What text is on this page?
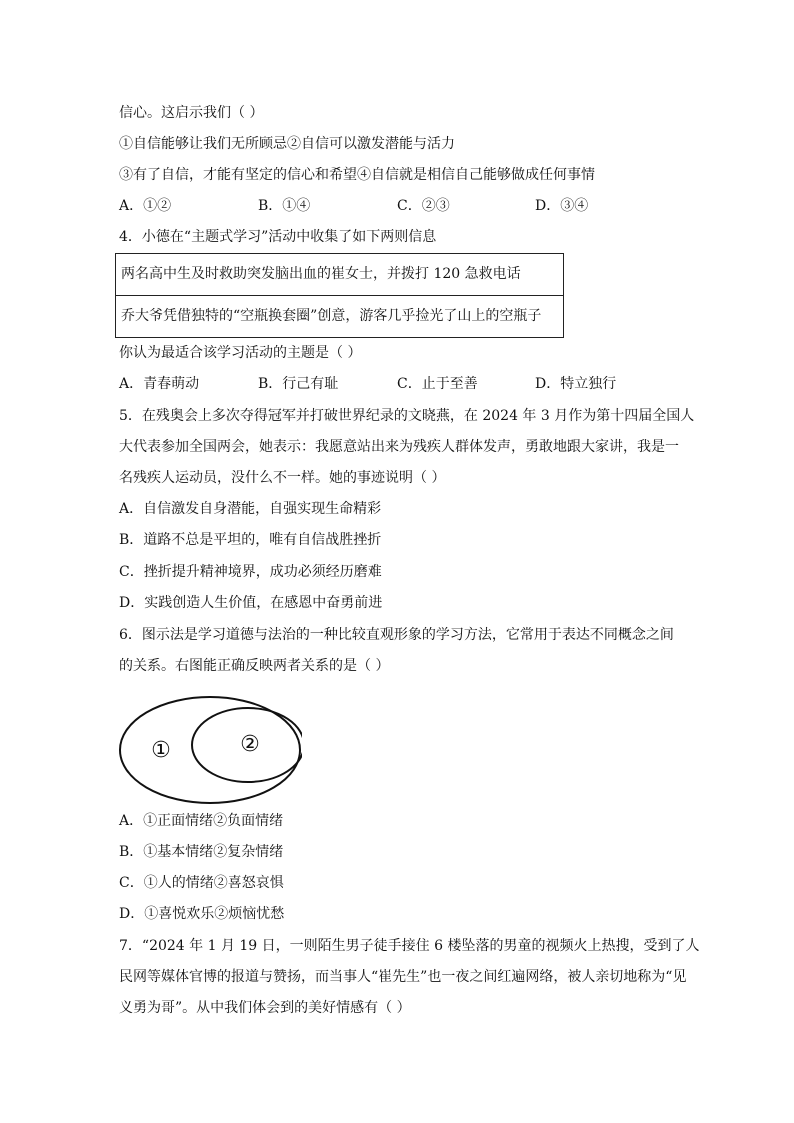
信心。这启示我们（ ）
①自信能够让我们无所顾忌②自信可以激发潜能与活力
③有了自信，才能有坚定的信心和希望④自信就是相信自己能够做成任何事情
A．①②	B．①④	C．②③	D．③④
4．小德在“主题式学习”活动中收集了如下两则信息
两名高中生及时救助突发脑出血的崔女士，并拨打 120 急救电话
乔大爷凭借独特的“空瓶换套圈”创意，游客几乎捡光了山上的空瓶子
你认为最适合该学习活动的主题是（ ）
A．青春萌动	B．行己有耻	C．止于至善	D．特立独行
5．在残奥会上多次夺得冠军并打破世界纪录的文晓燕，在 2024 年 3 月作为第十四届全国人
大代表参加全国两会，她表示：我愿意站出来为残疾人群体发声，勇敢地跟大家讲，我是一
名残疾人运动员，没什么不一样。她的事迹说明（ ）
A．自信激发自身潜能，自强实现生命精彩
B．道路不总是平坦的，唯有自信战胜挫折
C．挫折提升精神境界，成功必须经历磨难
D．实践创造人生价值，在感恩中奋勇前进
6．图示法是学习道德与法治的一种比较直观形象的学习方法，它常用于表达不同概念之间
的关系。右图能正确反映两者关系的是（ ）
①	②
A．①正面情绪②负面情绪
B．①基本情绪②复杂情绪
C．①人的情绪②喜怒哀惧
D．①喜悦欢乐②烦恼忧愁
7．“2024 年 1 月 19 日，一则陌生男子徒手接住 6 楼坠落的男童的视频火上热搜，受到了人
民网等媒体官博的报道与赞扬，而当事人“崔先生”也一夜之间红遍网络，被人亲切地称为“见
义勇为哥”。从中我们体会到的美好情感有（ ）
